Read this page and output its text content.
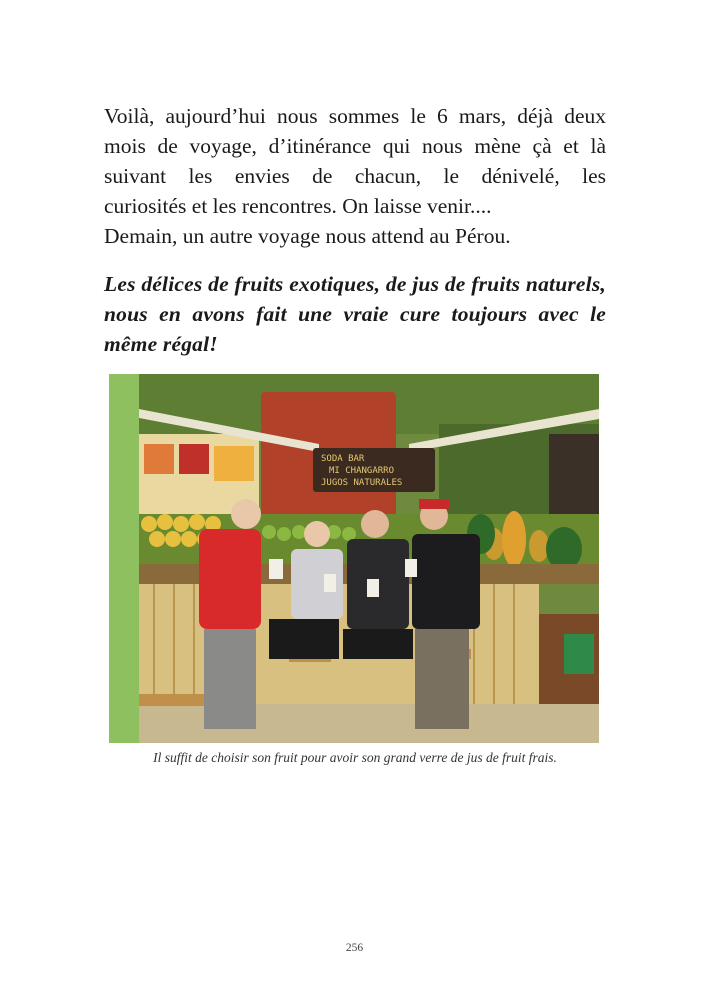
Voilà, aujourd’hui nous sommes le 6 mars, déjà deux
mois de voyage, d’itinérance qui nous mène çà et là
suivant les envies de chacun, le dénivelé, les
curiosités et les rencontres. On laisse venir....
Demain, un autre voyage nous attend au Pérou.

Les délices de fruits exotiques, de jus de fruits naturels, nous en avons fait une vraie cure toujours avec le même régal!

SODA BAR
MI CHANGARRO
JUGOS NATURALES
Il suffit de choisir son fruit pour avoir son grand verre de jus de fruit frais.
256
